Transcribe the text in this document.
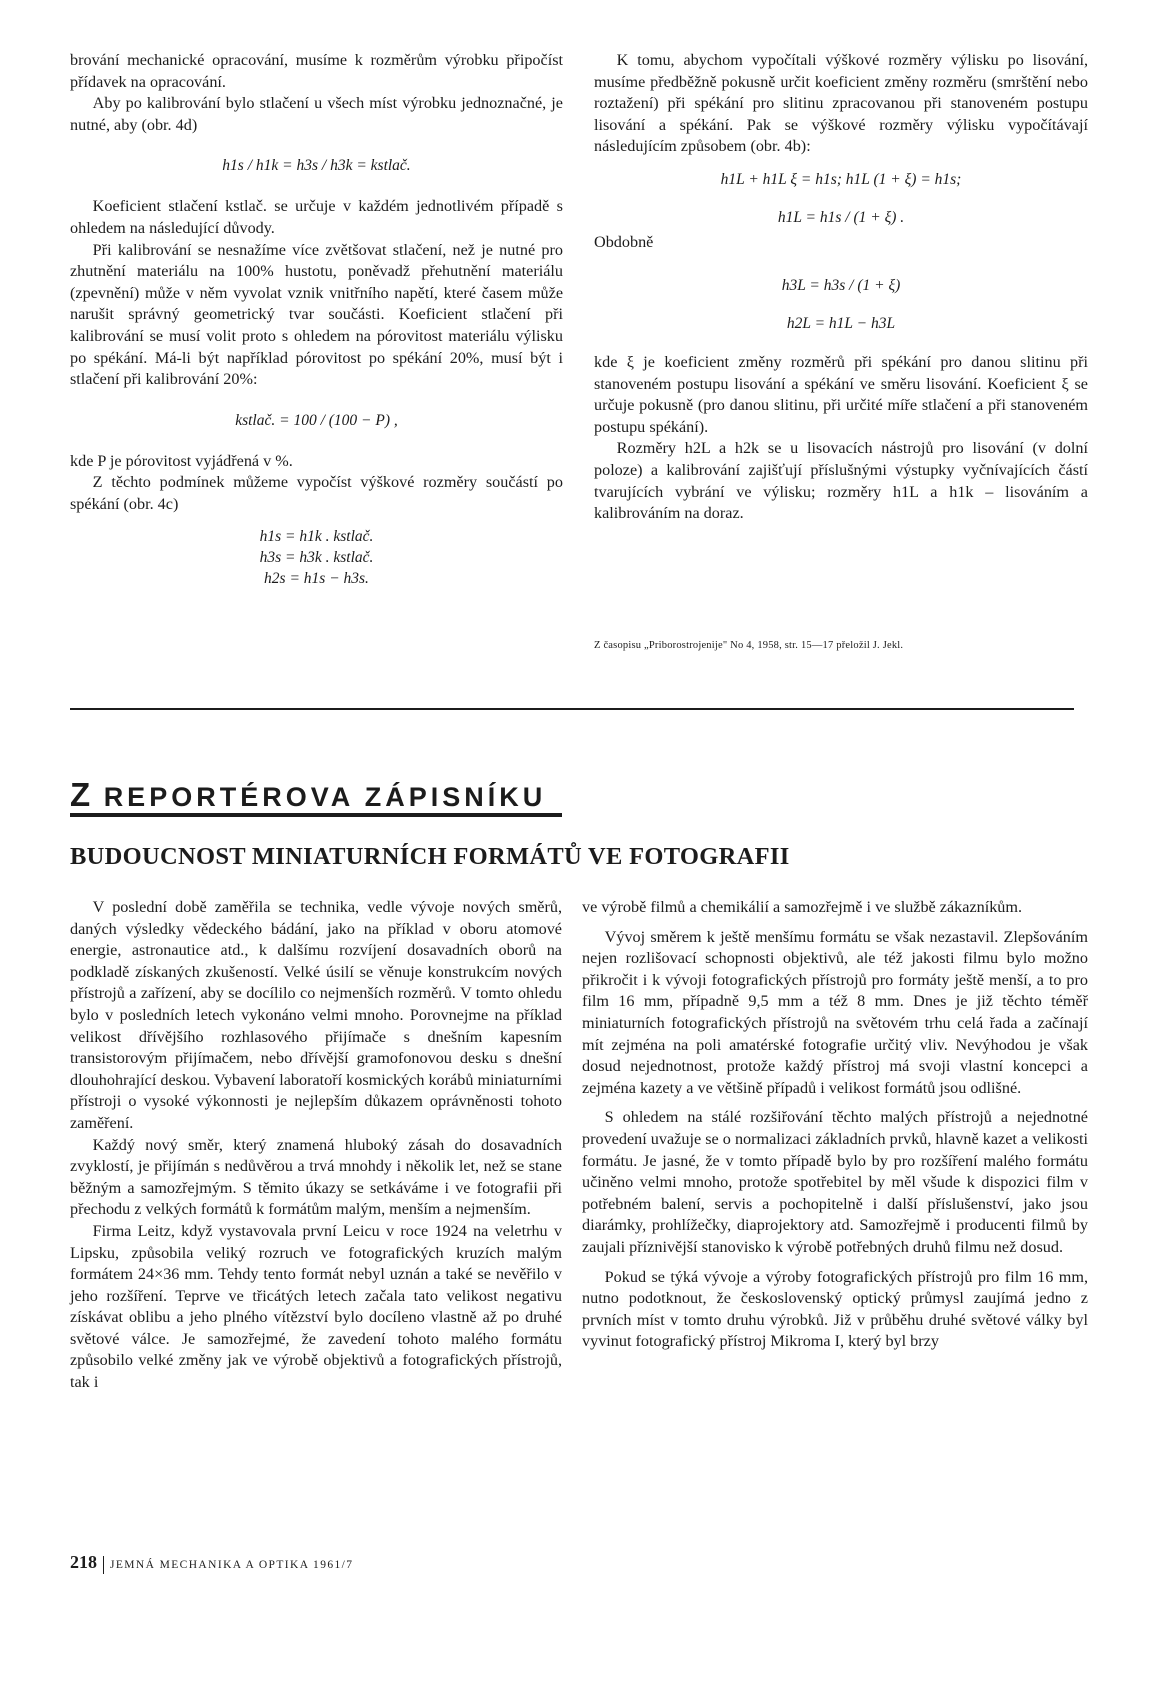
brování mechanické opracování, musíme k rozměrům výrobku připočíst přídavek na opracování.

Aby po kalibrování bylo stlačení u všech míst výrobku jednoznačné, je nutné, aby (obr. 4d)

h1s / h1k = h3s / h3k = kstlač.

Koeficient stlačení kstlač. se určuje v každém jednotlivém případě s ohledem na následující důvody.

Při kalibrování se nesnažíme více zvětšovat stlačení, než je nutné pro zhutnění materiálu na 100% hustotu, poněvadž přehutnění materiálu (zpevnění) může v něm vyvolat vznik vnitřního napětí, které časem může narušit správný geometrický tvar součásti. Koeficient stlačení při kalibrování se musí volit proto s ohledem na pórovitost materiálu výlisku po spékání. Má-li být například pórovitost po spékání 20%, musí být i stlačení při kalibrování 20%:

kstlač. = 100 / (100 − P) ,

kde P je pórovitost vyjádřená v %.

Z těchto podmínek můžeme vypočíst výškové rozměry součástí po spékání (obr. 4c)

h1s = h1k . kstlač.
h3s = h3k . kstlač.
h2s = h1s − h3s.

K tomu, abychom vypočítali výškové rozměry výlisku po lisování, musíme předběžně pokusně určit koeficient změny rozměru (smrštění nebo roztažení) při spékání pro slitinu zpracovanou při stanoveném postupu lisování a spékání. Pak se výškové rozměry výlisku vypočítávají následujícím způsobem (obr. 4b):

h1L + h1L ξ = h1s; h1L (1 + ξ) = h1s;
h1L = h1s / (1 + ξ) .
Obdobně
h3L = h3s / (1 + ξ)
h2L = h1L − h3L

kde ξ je koeficient změny rozměrů při spékání pro danou slitinu při stanoveném postupu lisování a spékání ve směru lisování. Koeficient ξ se určuje pokusně (pro danou slitinu, při určité míře stlačení a při stanoveném postupu spékání).

Rozměry h2L a h2k se u lisovacích nástrojů pro lisování (v dolní poloze) a kalibrování zajišťují příslušnými výstupky vyčnívajících částí tvarujících vybrání ve výlisku; rozměry h1L a h1k – lisováním a kalibrováním na doraz.

Z časopisu „Priborostrojenije" No 4, 1958, str. 15—17 přeložil J. Jekl.
Z REPORTÉROVA ZÁPISNÍKU
BUDOUCNOST MINIATURNÍCH FORMÁTŮ VE FOTOGRAFII

V poslední době zaměřila se technika, vedle vývoje nových směrů, daných výsledky vědeckého bádání, jako na příklad v oboru atomové energie, astronautice atd., k dalšímu rozvíjení dosavadních oborů na podkladě získaných zkušeností. Velké úsilí se věnuje konstrukcím nových přístrojů a zařízení, aby se docílilo co nejmenších rozměrů. V tomto ohledu bylo v posledních letech vykonáno velmi mnoho. Porovnejme na příklad velikost dřívějšího rozhlasového přijímače s dnešním kapesním transistorovým přijímačem, nebo dřívější gramofonovou desku s dnešní dlouhohrající deskou. Vybavení laboratoří kosmických korábů miniaturními přístroji o vysoké výkonnosti je nejlepším důkazem oprávněnosti tohoto zaměření.

Každý nový směr, který znamená hluboký zásah do dosavadních zvyklostí, je přijímán s nedůvěrou a trvá mnohdy i několik let, než se stane běžným a samozřejmým. S těmito úkazy se setkáváme i ve fotografii při přechodu z velkých formátů k formátům malým, menším a nejmenším.

Firma Leitz, když vystavovala první Leicu v roce 1924 na veletrhu v Lipsku, způsobila veliký rozruch ve fotografických kruzích malým formátem 24×36 mm. Tehdy tento formát nebyl uznán a také se nevěřilo v jeho rozšíření. Teprve ve třicátých letech začala tato velikost negativu získávat oblibu a jeho plného vítězství bylo docíleno vlastně až po druhé světové válce. Je samozřejmé, že zavedení tohoto malého formátu způsobilo velké změny jak ve výrobě objektivů a fotografických přístrojů, tak i

ve výrobě filmů a chemikálií a samozřejmě i ve službě zákazníkům.

Vývoj směrem k ještě menšímu formátu se však nezastavil. Zlepšováním nejen rozlišovací schopnosti objektivů, ale též jakosti filmu bylo možno přikročit i k vývoji fotografických přístrojů pro formáty ještě menší, a to pro film 16 mm, případně 9,5 mm a též 8 mm. Dnes je již těchto téměř miniaturních fotografických přístrojů na světovém trhu celá řada a začínají mít zejména na poli amatérské fotografie určitý vliv. Nevýhodou je však dosud nejednotnost, protože každý přístroj má svoji vlastní koncepci a zejména kazety a ve většině případů i velikost formátů jsou odlišné.

S ohledem na stálé rozšiřování těchto malých přístrojů a nejednotné provedení uvažuje se o normalizaci základních prvků, hlavně kazet a velikosti formátu. Je jasné, že v tomto případě bylo by pro rozšíření malého formátu učiněno velmi mnoho, protože spotřebitel by měl všude k dispozici film v potřebném balení, servis a pochopitelně i další příslušenství, jako jsou diarámky, prohlížečky, diaprojektory atd. Samozřejmě i producenti filmů by zaujali příznivější stanovisko k výrobě potřebných druhů filmu než dosud.

Pokud se týká vývoje a výroby fotografických přístrojů pro film 16 mm, nutno podotknout, že československý optický průmysl zaujímá jedno z prvních míst v tomto druhu výrobků. Již v průběhu druhé světové války byl vyvinut fotografický přístroj Mikroma I, který byl brzy

218 JEMNÁ MECHANIKA A OPTIKA 1961/7
